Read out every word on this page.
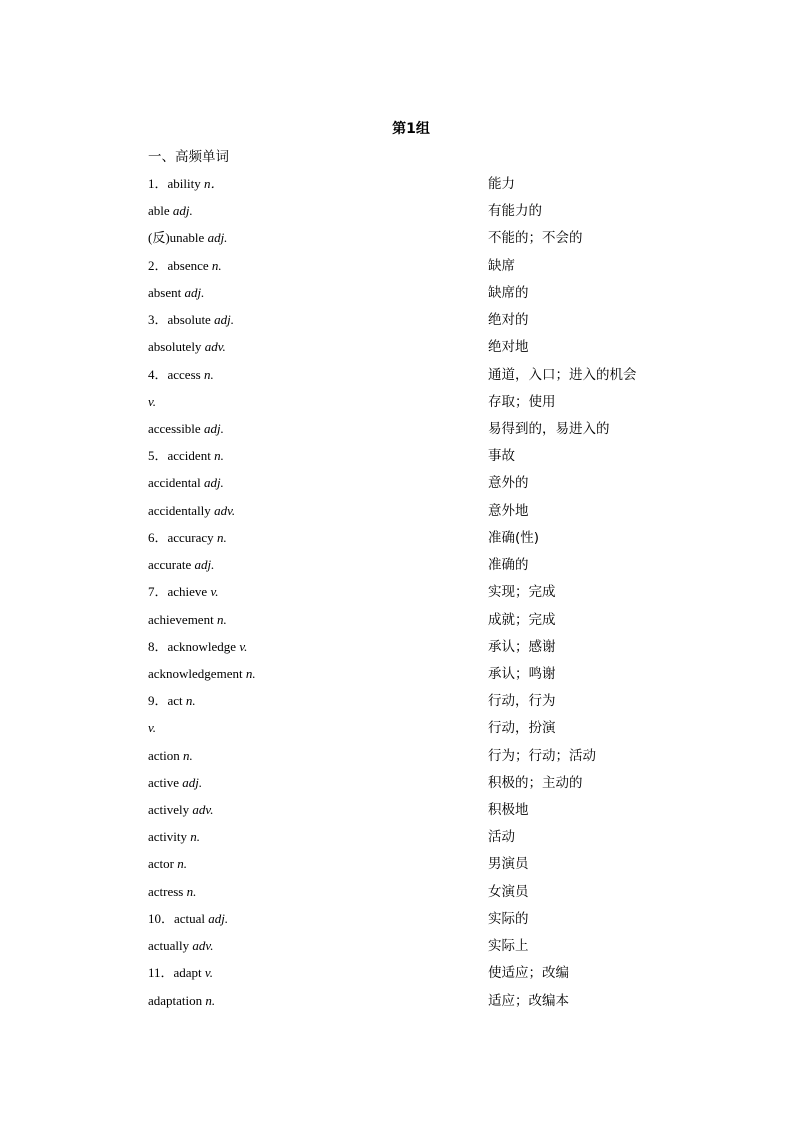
第1组
一、高频单词
1．ability n．	能力
able adj.	有能力的
(反)unable adj.	不能的；不会的
2．absence n.	缺席
absent adj.	缺席的
3．absolute adj.	绝对的
absolutely adv.	绝对地
4．access n.	通道，入口；进入的机会
v.	存取；使用
accessible adj.	易得到的，易进入的
5．accident n.	事故
accidental adj.	意外的
accidentally adv.	意外地
6．accuracy n.	准确(性)
accurate adj.	准确的
7．achieve v.	实现；完成
achievement n.	成就；完成
8．acknowledge v.	承认；感谢
acknowledgement n.	承认；鸣谢
9．act n.	行动，行为
v.	行动，扮演
action n.	行为；行动；活动
active adj.	积极的；主动的
actively adv.	积极地
activity n.	活动
actor n.	男演员
actress n.	女演员
10．actual adj.	实际的
actually adv.	实际上
11．adapt v.	使适应；改编
adaptation n.	适应；改编本
